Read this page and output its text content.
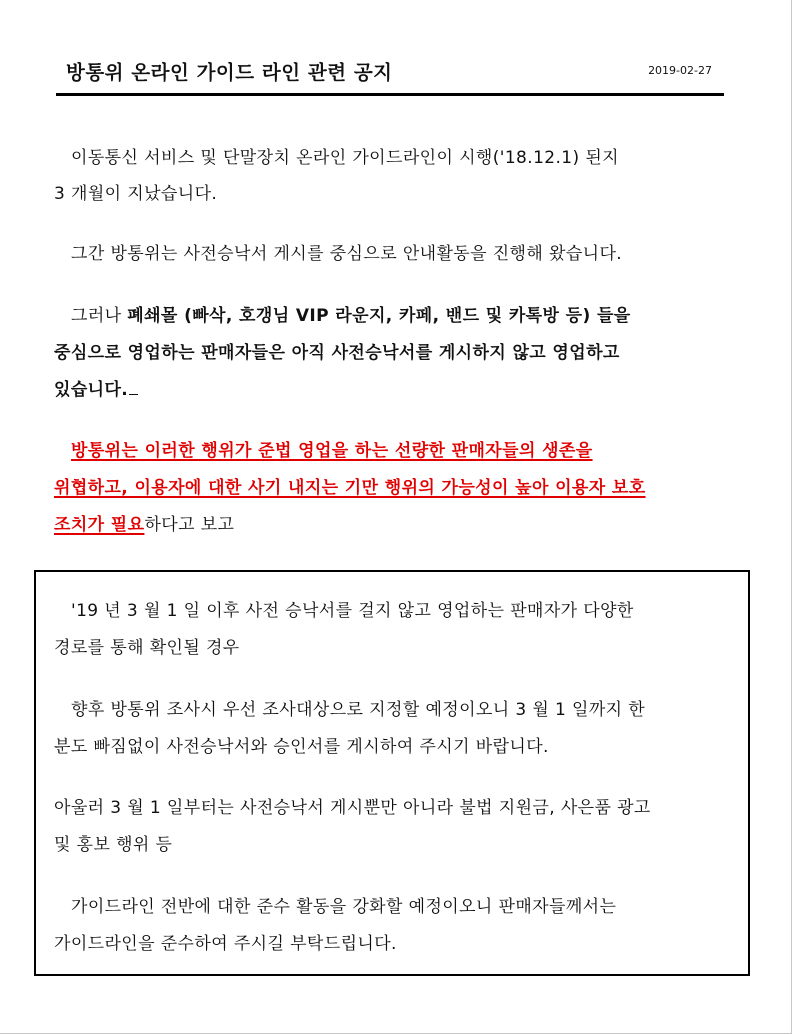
방통위 온라인 가이드 라인 관련 공지	2019-02-27
이동통신 서비스 및 단말장치 온라인 가이드라인이 시행('18.12.1) 된지
3 개월이 지났습니다.
그간 방통위는 사전승낙서 게시를 중심으로 안내활동을 진행해 왔습니다.
그러나 폐쇄몰 (빠삭, 호갱님 VIP 라운지, 카페, 밴드 및 카톡방 등) 들을
중심으로 영업하는 판매자들은 아직 사전승낙서를 게시하지 않고 영업하고
있습니다.
방통위는 이러한 행위가 준법 영업을 하는 선량한 판매자들의 생존을
위협하고, 이용자에 대한 사기 내지는 기만 행위의 가능성이 높아 이용자 보호
조치가 필요하다고 보고
'19 년 3 월 1 일 이후 사전 승낙서를 걸지 않고 영업하는 판매자가 다양한
경로를 통해 확인될 경우
향후 방통위 조사시 우선 조사대상으로 지정할 예정이오니 3 월 1 일까지 한
분도 빠짐없이 사전승낙서와 승인서를 게시하여 주시기 바랍니다.
아울러 3 월 1 일부터는 사전승낙서 게시뿐만 아니라 불법 지원금, 사은품 광고
및 홍보 행위 등
가이드라인 전반에 대한 준수 활동을 강화할 예정이오니 판매자들께서는
가이드라인을 준수하여 주시길 부탁드립니다.
